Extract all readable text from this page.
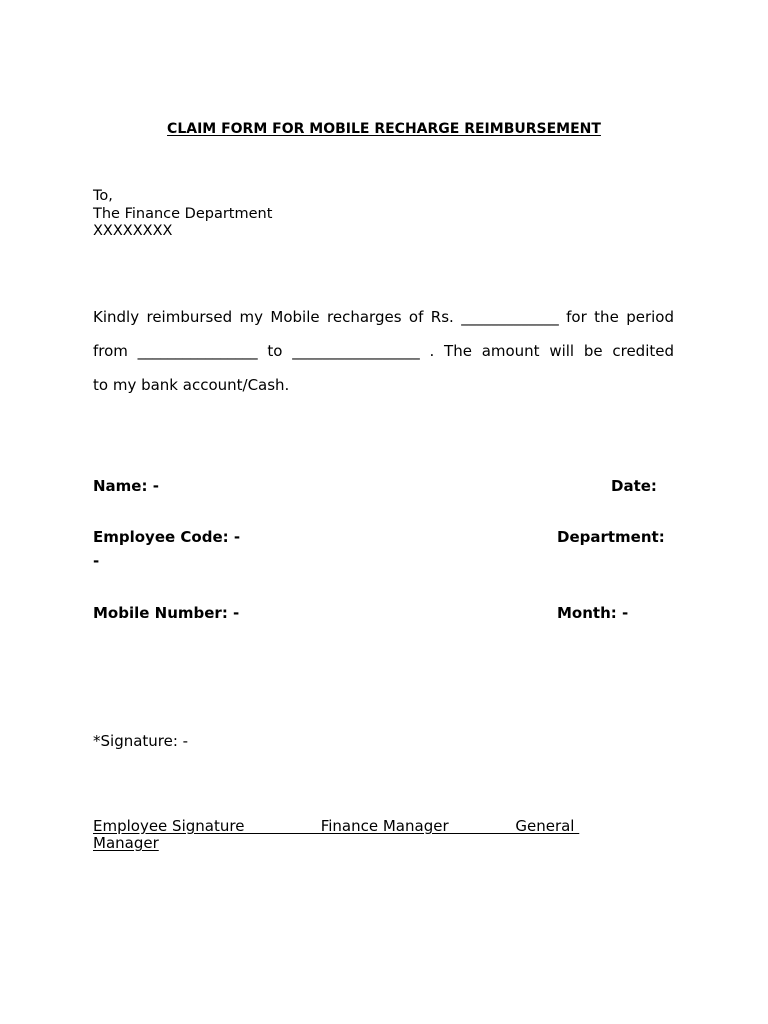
CLAIM FORM FOR MOBILE RECHARGE REIMBURSEMENT
To,
The Finance Department
XXXXXXXX
Kindly reimbursed my Mobile recharges of Rs. _____________ for the period
from ________________ to _________________ . The amount will be credited
to my bank account/Cash.
Name: -	Date:
Employee Code: -	Department:
-
Mobile Number: -	Month: -
*Signature: -
Employee Signature                Finance Manager              General
Manager
